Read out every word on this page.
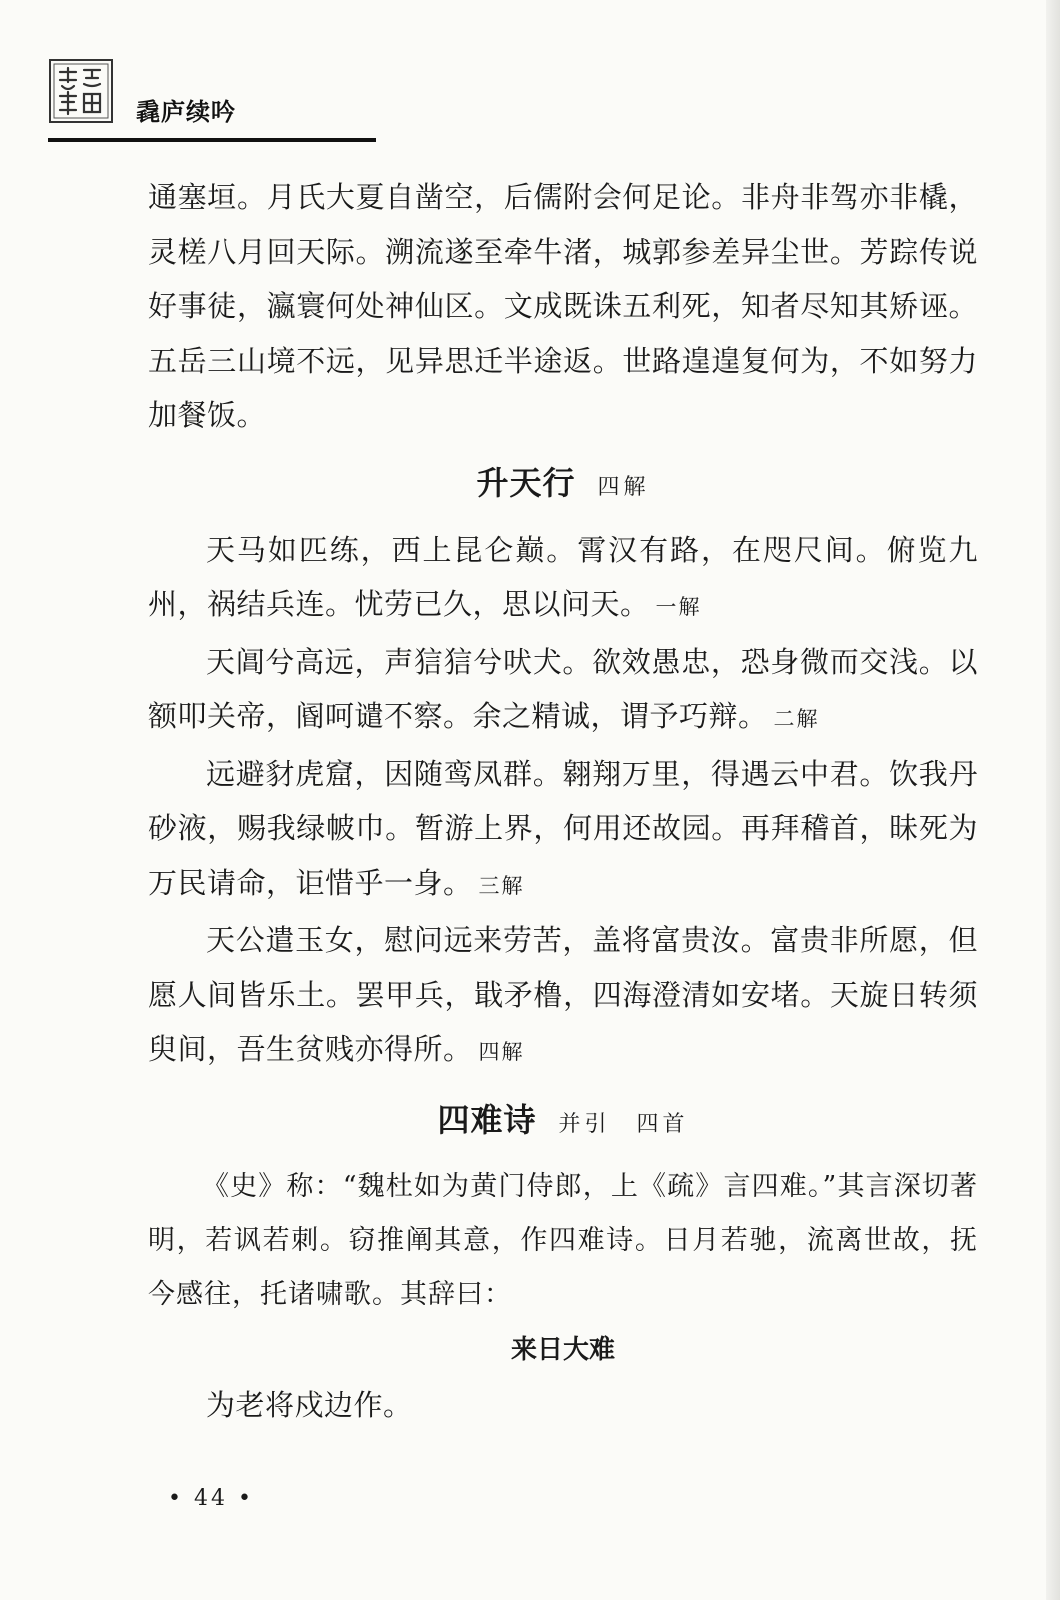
毳庐续吟

通塞垣。月氏大夏自凿空，后儒附会何足论。非舟非驾亦非橇，灵槎八月回天际。溯流遂至牵牛渚，城郭参差异尘世。芳踪传说好事徒，瀛寰何处神仙区。文成既诛五利死，知者尽知其矫诬。五岳三山境不远，见异思迁半途返。世路遑遑复何为，不如努力加餐饭。

升天行 四解

天马如匹练，西上昆仑巅。霄汉有路，在咫尺间。俯览九州，祸结兵连。忧劳已久，思以问天。 一解

天阊兮高远，声狺狺兮吠犬。欲效愚忠，恐身微而交浅。以额叩关帝，阍呵谴不察。余之精诚，谓予巧辩。 二解

远避豺虎窟，因随鸾凤群。翱翔万里，得遇云中君。饮我丹砂液，赐我绿帔巾。暂游上界，何用还故园。再拜稽首，昧死为万民请命，讵惜乎一身。 三解

天公遣玉女，慰问远来劳苦，盖将富贵汝。富贵非所愿，但愿人间皆乐土。罢甲兵，戢矛橹，四海澄清如安堵。天旋日转须臾间，吾生贫贱亦得所。 四解

四难诗 并引　四首

《史》称：“魏杜如为黄门侍郎，上《疏》言四难。”其言深切著明，若讽若刺。窃推阐其意，作四难诗。日月若驰，流离世故，抚今感往，托诸啸歌。其辞曰：

来日大难

为老将戍边作。

• 44 •
